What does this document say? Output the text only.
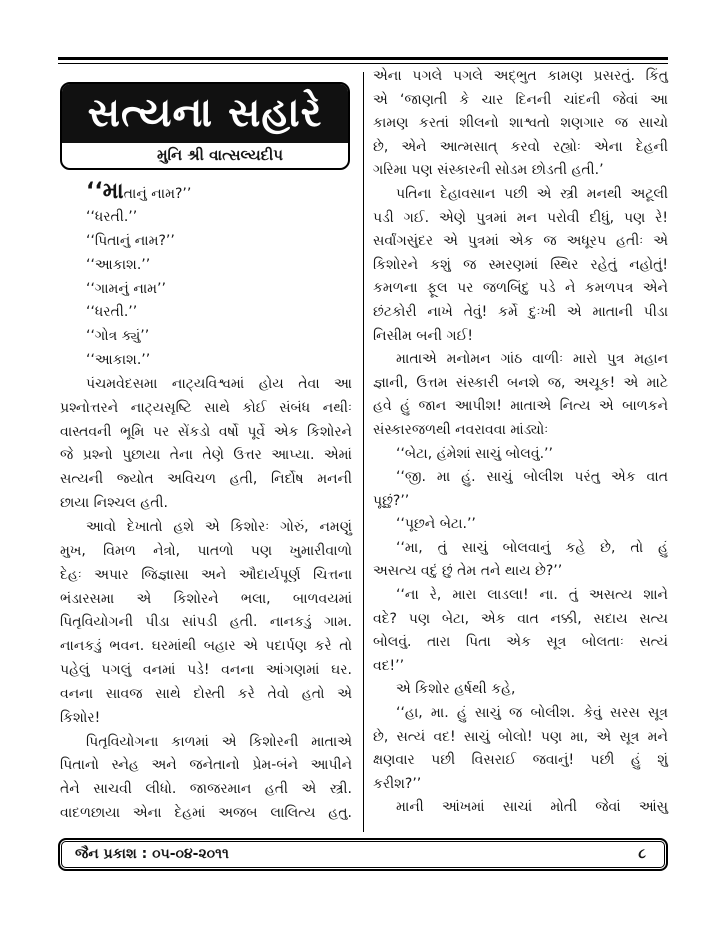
સત્યના સહારે
મુનિ શ્રી વાત્સલ્યદીપ
‘‘માતાનું નામ?’’
‘‘ધરતી.’’
‘‘પિતાનું નામ?’’
‘‘આકાશ.’’
‘‘ગામનું નામ’’
‘‘ધરતી.’’
‘‘ગોત્ર ક્યું’’
‘‘આકાશ.’’
પંચમવેદસમા નાટ્યવિશ્વમાં હોય તેવા આ
પ્રશ્નોત્તરને નાટ્યસૃષ્ટિ સાથે કોઈ સંબંધ નથીઃ
વાસ્તવની ભૂમિ પર સેંકડો વર્ષો પૂર્વે એક કિશોરને
જે પ્રશ્નો પુછાયા તેના તેણે ઉત્તર આપ્યા. એમાં
સત્યની જ્યોત અવિચળ હતી, નિર્દોષ મનની
છાયા નિશ્ચલ હતી.
આવો દેખાતો હશે એ કિશોરઃ ગોરું, નમણું
મુખ, વિમળ નેત્રો, પાતળો પણ ખુમારીવાળો
દેહઃ અપાર જિજ્ઞાસા અને ઔદાર્યપૂર્ણ ચિત્તના
ભંડારસમા એ કિશોરને ભલા, બાળવયમાં
પિતૃવિયોગની પીડા સાંપડી હતી. નાનકડું ગામ.
નાનકડું ભવન. ઘરમાંથી બહાર એ પદાર્પણ કરે તો
પહેલું પગલું વનમાં પડે! વનના આંગણમાં ઘર.
વનના સાવજ સાથે દોસ્તી કરે તેવો હતો એ
કિશોર!
પિતૃવિયોગના કાળમાં એ કિશોરની માતાએ
પિતાનો સ્નેહ અને જનેતાનો પ્રેમ-બંને આપીને
તેને સાચવી લીધો. જાજરમાન હતી એ સ્ત્રી.
વાદળછાયા એના દેહમાં અજબ લાલિત્ય હતુ.
એના પગલે પગલે અદ્ભુત કામણ પ્રસરતું. કિંતુ
એ ‘જાણતી કે ચાર દિનની ચાંદની જેવાં આ
કામણ કરતાં શીલનો શાશ્વતો શણગાર જ સાચો
છે, એને આત્મસાત્ કરવો રહ્યોઃ એના દેહની
ગરિમા પણ સંસ્કારની સોડમ છોડતી હતી.’
પતિના દેહાવસાન પછી એ સ્ત્રી મનથી અટૂલી
પડી ગઈ. એણે પુત્રમાં મન પરોવી દીધું, પણ રે!
સર્વાંગસુંદર એ પુત્રમાં એક જ અધૂરપ હતીઃ એ
કિશોરને કશું જ સ્મરણમાં સ્થિર રહેતું નહોતું!
કમળના ફૂલ પર જળબિંદુ પડે ને કમળપત્ર એને
છંટકોરી નાખે તેવું! કર્મે દુઃખી એ માતાની પીડા
નિસીમ બની ગઈ!
માતાએ મનોમન ગાંઠ વાળીઃ મારો પુત્ર મહાન
જ્ઞાની, ઉત્તમ સંસ્કારી બનશે જ, અચૂક! એ માટે
હવે હું જાન આપીશ! માતાએ નિત્ય એ બાળકને
સંસ્કારજળથી નવરાવવા માંડ્યોઃ
‘‘બેટા, હંમેશાં સાચું બોલવું.’’
‘‘જી. મા હું. સાચું બોલીશ પરંતુ એક વાત
પૂછું?’’
‘‘પૂછને બેટા.’’
‘‘મા, તું સાચું બોલવાનું કહે છે, તો હું
અસત્ય વદું છું તેમ તને થાય છે?’’
‘‘ના રે, મારા લાડલા! ના. તું અસત્ય શાને
વદે? પણ બેટા, એક વાત નક્કી, સદાય સત્ય
બોલવું. તારા પિતા એક સૂત્ર બોલતાઃ સત્યં
વદ!’’
એ કિશોર હર્ષથી કહે,
‘‘હા, મા. હું સાચું જ બોલીશ. કેવું સરસ સૂત્ર
છે, સત્યં વદ! સાચું બોલો! પણ મા, એ સૂત્ર મને
ક્ષણવાર પછી વિસરાઈ જવાનું! પછી હું શું
કરીશ?’’
માની આંખમાં સાચાં મોતી જેવાં આંસુ
જૈન પ્રકાશ : ૦૫-૦૪-૨૦૧૧	૮
